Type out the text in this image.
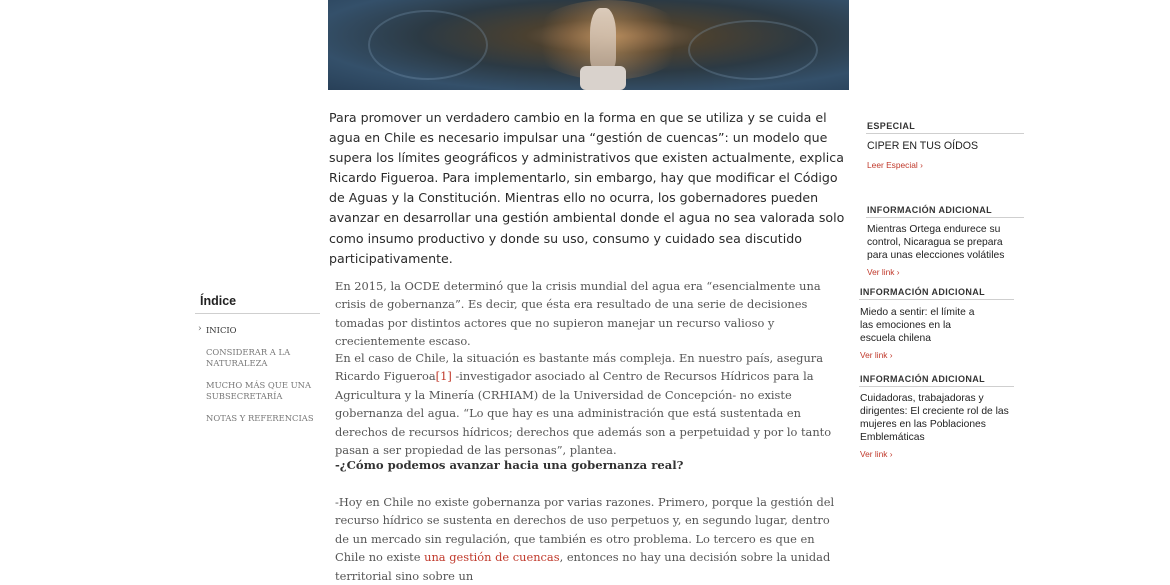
Para promover un verdadero cambio en la forma en que se utiliza y se cuida el agua en Chile es necesario impulsar una “gestión de cuencas”: un modelo que supera los límites geográficos y administrativos que existen actualmente, explica Ricardo Figueroa. Para implementarlo, sin embargo, hay que modificar el Código de Aguas y la Constitución. Mientras ello no ocurra, los gobernadores pueden avanzar en desarrollar una gestión ambiental donde el agua no sea valorada solo como insumo productivo y donde su uso, consumo y cuidado sea discutido participativamente.

En 2015, la OCDE determinó que la crisis mundial del agua era “esencialmente una crisis de gobernanza”. Es decir, que ésta era resultado de una serie de decisiones tomadas por distintos actores que no supieron manejar un recurso valioso y crecientemente escaso.

En el caso de Chile, la situación es bastante más compleja. En nuestro país, asegura Ricardo Figueroa[1] -investigador asociado al Centro de Recursos Hídricos para la Agricultura y la Minería (CRHIAM) de la Universidad de Concepción- no existe gobernanza del agua. “Lo que hay es una administración que está sustentada en derechos de recursos hídricos; derechos que además son a perpetuidad y por lo tanto pasan a ser propiedad de las personas”, plantea.

-¿Cómo podemos avanzar hacia una gobernanza real?

-Hoy en Chile no existe gobernanza por varias razones. Primero, porque la gestión del recurso hídrico se sustenta en derechos de uso perpetuos y, en segundo lugar, dentro de un mercado sin regulación, que también es otro problema. Lo tercero es que en Chile no existe una gestión de cuencas, entonces no hay una decisión sobre la unidad territorial sino sobre un

Índice
› INICIO
CONSIDERAR A LA NATURALEZA
MUCHO MÁS QUE UNA SUBSECRETARÍA
NOTAS Y REFERENCIAS
ESPECIAL
CIPER EN TUS OÍDOS
Leer Especial ›
INFORMACIÓN ADICIONAL
Mientras Ortega endurece su control, Nicaragua se prepara para unas elecciones volátiles
Ver link ›
INFORMACIÓN ADICIONAL
Miedo a sentir: el límite a las emociones en la escuela chilena
Ver link ›
INFORMACIÓN ADICIONAL
Cuidadoras, trabajadoras y dirigentes: El creciente rol de las mujeres en las Poblaciones Emblemáticas
Ver link ›
